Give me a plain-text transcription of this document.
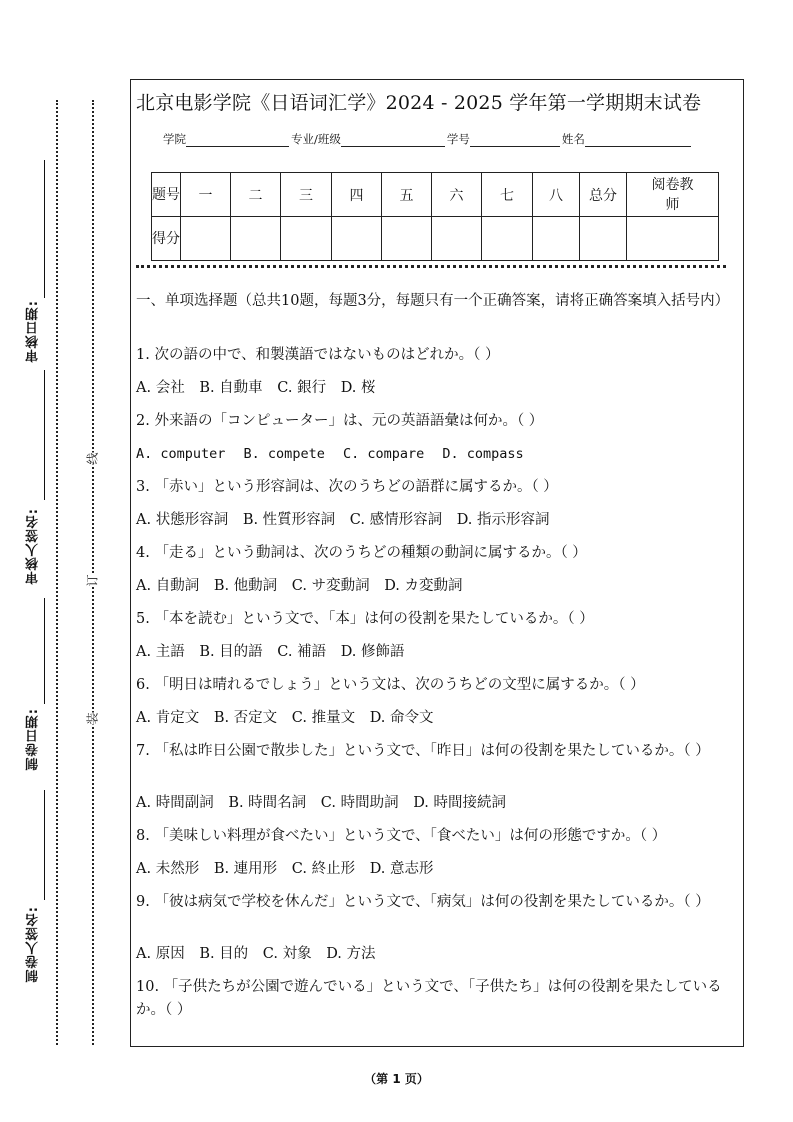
审核日期:
审核人签名:
制卷日期:
制卷人签名:
线
订
装
北京电影学院《日语词汇学》2024 - 2025 学年第一学期期末试卷
学院	专业/班级	学号	姓名
题号	一	二	三	四	五	六	七	八	总分	阅卷教师
得分										
一、单项选择题（总共10题，每题3分，每题只有一个正确答案，请将正确答案填入括号内）
1. 次の語の中で、和製漢語ではないものはどれか。（ ）
A. 会社 B. 自動車 C. 銀行 D. 桜
2. 外来語の「コンピューター」は、元の英語語彙は何か。（ ）
A. computer B. compete C. compare D. compass
3. 「赤い」という形容詞は、次のうちどの語群に属するか。（ ）
A. 状態形容詞 B. 性質形容詞 C. 感情形容詞 D. 指示形容詞
4. 「走る」という動詞は、次のうちどの種類の動詞に属するか。（ ）
A. 自動詞 B. 他動詞 C. サ変動詞 D. カ変動詞
5. 「本を読む」という文で、「本」は何の役割を果たしているか。（ ）
A. 主語 B. 目的語 C. 補語 D. 修飾語
6. 「明日は晴れるでしょう」という文は、次のうちどの文型に属するか。（ ）
A. 肯定文 B. 否定文 C. 推量文 D. 命令文
7. 「私は昨日公園で散歩した」という文で、「昨日」は何の役割を果たしているか。（ ）
A. 時間副詞 B. 時間名詞 C. 時間助詞 D. 時間接続詞
8. 「美味しい料理が食べたい」という文で、「食べたい」は何の形態ですか。（ ）
A. 未然形 B. 連用形 C. 終止形 D. 意志形
9. 「彼は病気で学校を休んだ」という文で、「病気」は何の役割を果たしているか。（ ）
A. 原因 B. 目的 C. 対象 D. 方法
10. 「子供たちが公園で遊んでいる」という文で、「子供たち」は何の役割を果たしているか。（ ）
（第 1 页）
